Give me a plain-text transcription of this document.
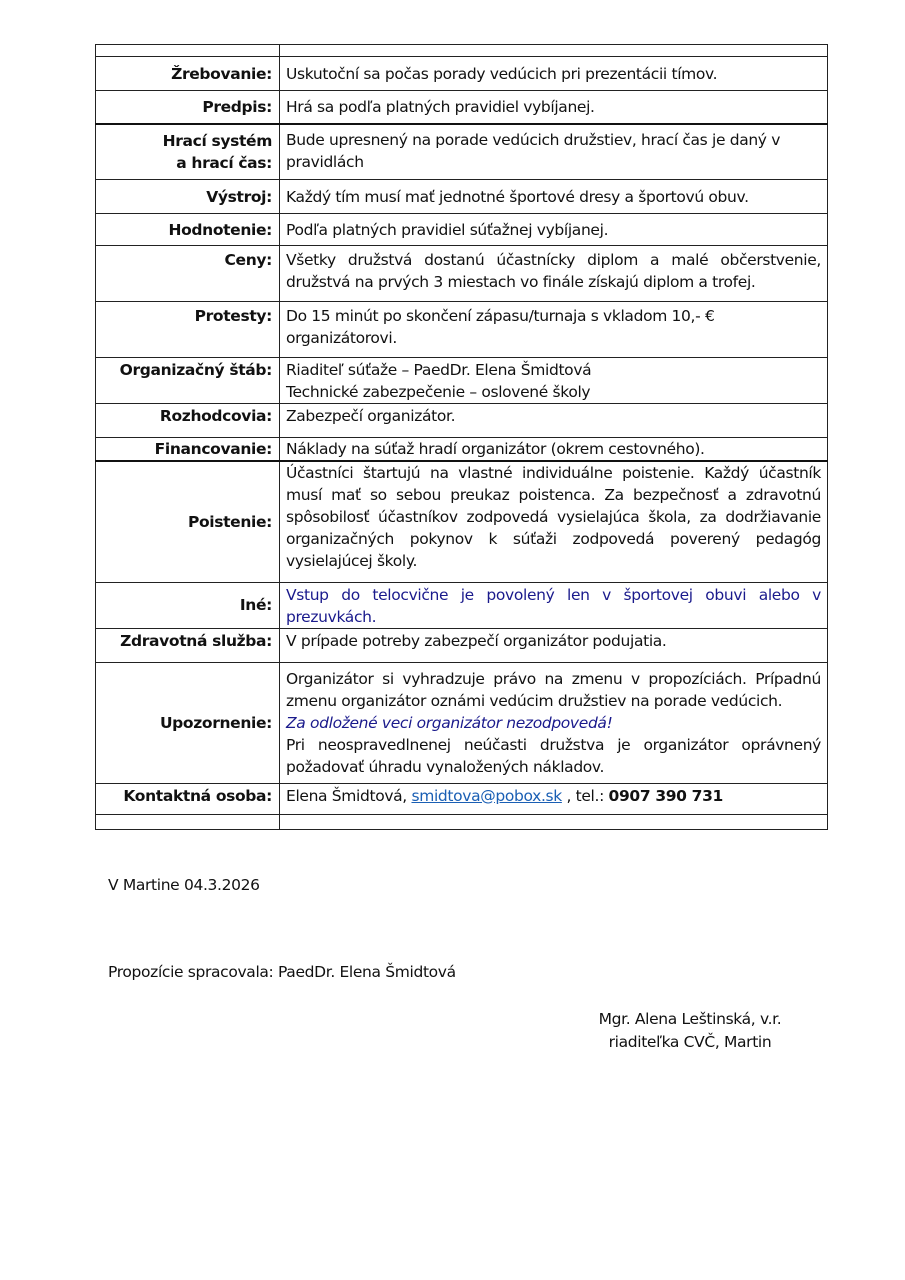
Žrebovanie:	Uskutoční sa počas porady vedúcich pri prezentácii tímov.
Predpis:	Hrá sa podľa platných pravidiel vybíjanej.

Hrací systém
a hrací čas:	Bude upresnený na porade vedúcich družstiev, hrací čas je daný v pravidlách
Výstroj:	Každý tím musí mať jednotné športové dresy a športovú obuv.
Hodnotenie:	Podľa platných pravidiel súťažnej vybíjanej.
Ceny:	Všetky družstvá dostanú účastnícky diplom a malé občerstvenie, družstvá na prvých 3 miestach vo finále získajú diplom a trofej.
Protesty:	Do 15 minút po skončení zápasu/turnaja s vkladom 10,- € organizátorovi.
Organizačný štáb:	Riaditeľ súťaže – PaedDr. Elena Šmidtová
Technické zabezpečenie – oslovené školy

Rozhodcovia:	Zabezpečí organizátor.
Financovanie:	Náklady na súťaž hradí organizátor (okrem cestovného).
Poistenie:	Účastníci štartujú na vlastné individuálne poistenie. Každý účastník musí mať so sebou preukaz poistenca. Za bezpečnosť a zdravotnú spôsobilosť účastníkov zodpovedá vysielajúca škola, za dodržiavanie organizačných pokynov k súťaži zodpovedá poverený pedagóg vysielajúcej školy.
Iné:	Vstup do telocvične je povolený len v športovej obuvi alebo v prezuvkách.
Zdravotná služba:	V prípade potreby zabezpečí organizátor podujatia.
Upozornenie:	Organizátor si vyhradzuje právo na zmenu v propozíciách. Prípadnú zmenu organizátor oznámi vedúcim družstiev na porade vedúcich.
Za odložené veci organizátor nezodpovedá!
Pri neospravedlnenej neúčasti družstva je organizátor oprávnený požadovať úhradu vynaložených nákladov.

Kontaktná osoba:	Elena Šmidtová, smidtova@pobox.sk , tel.: 0907 390 731

V Martine 04.3.2026
Propozície spracovala: PaedDr. Elena Šmidtová
Mgr. Alena Leštinská, v.r.
riaditeľka CVČ, Martin
